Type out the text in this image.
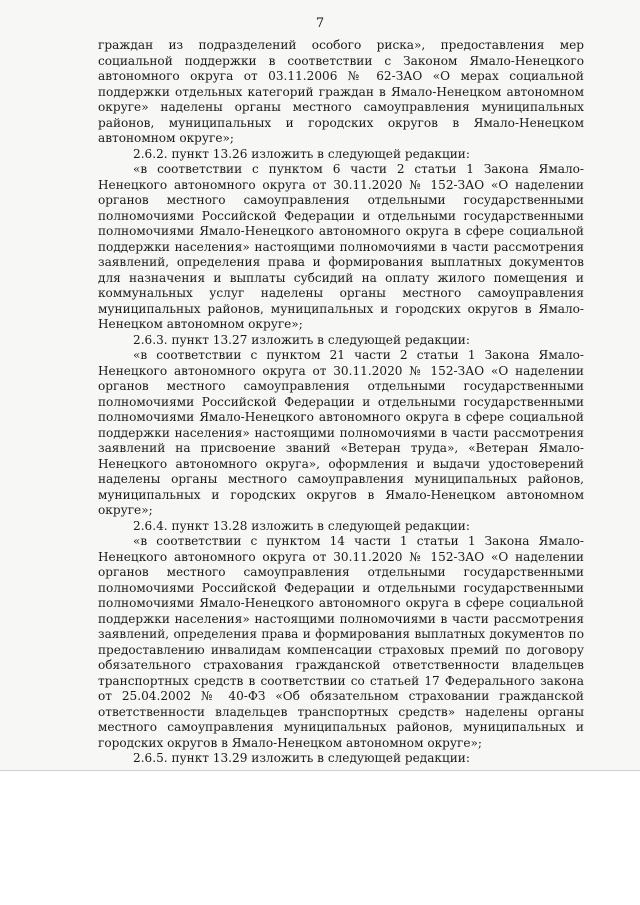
7

граждан из подразделений особого риска», предоставления мер социальной поддержки в соответствии с Законом Ямало-Ненецкого автономного округа от 03.11.2006 № 62-ЗАО «О мерах социальной поддержки отдельных категорий граждан в Ямало-Ненецком автономном округе» наделены органы местного самоуправления муниципальных районов, муниципальных и городских округов в Ямало-Ненецком автономном округе»;

2.6.2. пункт 13.26 изложить в следующей редакции:

«в соответствии с пунктом 6 части 2 статьи 1 Закона Ямало-Ненецкого автономного округа от 30.11.2020 № 152-ЗАО «О наделении органов местного самоуправления отдельными государственными полномочиями Российской Федерации и отдельными государственными полномочиями Ямало-Ненецкого автономного округа в сфере социальной поддержки населения» настоящими полномочиями в части рассмотрения заявлений, определения права и формирования выплатных документов для назначения и выплаты субсидий на оплату жилого помещения и коммунальных услуг наделены органы местного самоуправления муниципальных районов, муниципальных и городских округов в Ямало-Ненецком автономном округе»;

2.6.3. пункт 13.27 изложить в следующей редакции:

«в соответствии с пунктом 21 части 2 статьи 1 Закона Ямало-Ненецкого автономного округа от 30.11.2020 № 152-ЗАО «О наделении органов местного самоуправления отдельными государственными полномочиями Российской Федерации и отдельными государственными полномочиями Ямало-Ненецкого автономного округа в сфере социальной поддержки населения» настоящими полномочиями в части рассмотрения заявлений на присвоение званий «Ветеран труда», «Ветеран Ямало-Ненецкого автономного округа», оформления и выдачи удостоверений наделены органы местного самоуправления муниципальных районов, муниципальных и городских округов в Ямало-Ненецком автономном округе»;

2.6.4. пункт 13.28 изложить в следующей редакции:

«в соответствии с пунктом 14 части 1 статьи 1 Закона Ямало-Ненецкого автономного округа от 30.11.2020 № 152-ЗАО «О наделении органов местного самоуправления отдельными государственными полномочиями Российской Федерации и отдельными государственными полномочиями Ямало-Ненецкого автономного округа в сфере социальной поддержки населения» настоящими полномочиями в части рассмотрения заявлений, определения права и формирования выплатных документов по предоставлению инвалидам компенсации страховых премий по договору обязательного страхования гражданской ответственности владельцев транспортных средств в соответствии со статьей 17 Федерального закона от 25.04.2002 № 40-ФЗ «Об обязательном страховании гражданской ответственности владельцев транспортных средств» наделены органы местного самоуправления муниципальных районов, муниципальных и городских округов в Ямало-Ненецком автономном округе»;

2.6.5. пункт 13.29 изложить в следующей редакции:
